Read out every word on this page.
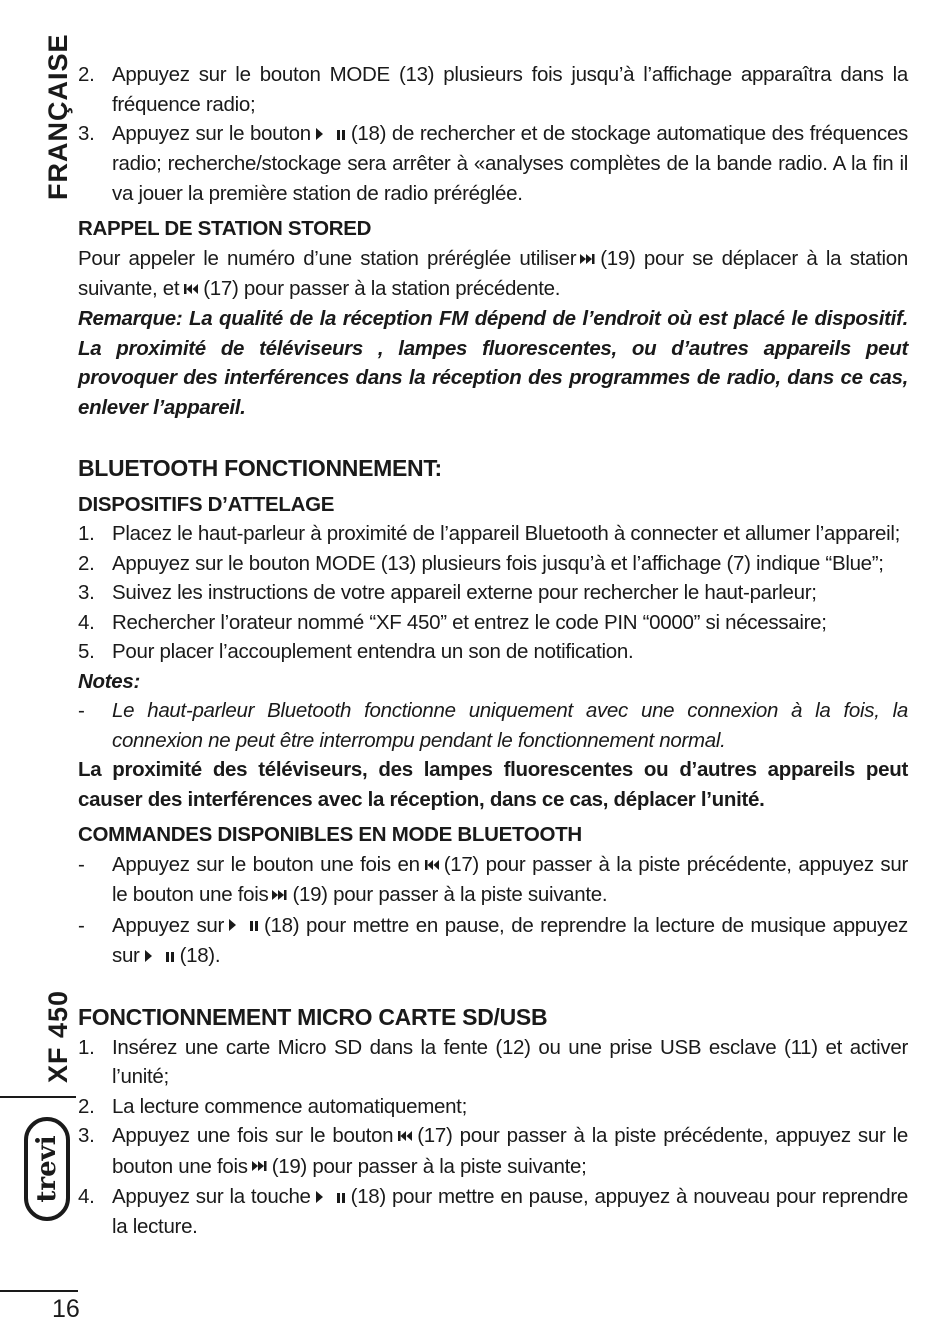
FRANÇAISE
XF 450
trevi
16
2. Appuyez sur le bouton MODE (13) plusieurs fois jusqu’à l’affichage apparaîtra dans la fréquence radio;
3. Appuyez sur le bouton (18) de rechercher et de stockage automatique des fréquences radio; recherche/stockage sera arrêter à «analyses complètes de la bande radio. A la fin il va jouer la première station de radio préréglée.

RAPPEL DE STATION STORED

Pour appeler le numéro d’une station préréglée utiliser (19) pour se déplacer à la station suivante, et (17) pour passer à la station précédente.

Remarque: La qualité de la réception FM dépend de l’endroit où est placé le dispositif. La proximité de téléviseurs , lampes fluorescentes, ou d’autres appareils peut provoquer des interférences dans la réception des programmes de radio, dans ce cas, enlever l’appareil.

BLUETOOTH FONCTIONNEMENT:

DISPOSITIFS D’ATTELAGE

1. Placez le haut-parleur à proximité de l’appareil Bluetooth à connecter et allumer l’appareil;
2. Appuyez sur le bouton MODE (13) plusieurs fois jusqu’à et l’affichage (7) indique “Blue”;
3. Suivez les instructions de votre appareil externe pour rechercher le haut-parleur;
4. Rechercher l’orateur nommé “XF 450” et entrez le code PIN “0000” si nécessaire;
5. Pour placer l’accouplement entendra un son de notification.

Notes:

-	Le haut-parleur Bluetooth fonctionne uniquement avec une connexion à la fois, la connexion ne peut être interrompu pendant le fonctionnement normal.

La proximité des téléviseurs, des lampes fluorescentes ou d’autres appareils peut causer des interférences avec la réception, dans ce cas, déplacer l’unité.

COMMANDES DISPONIBLES EN MODE BLUETOOTH

-	Appuyez sur le bouton une fois en (17) pour passer à la piste précédente, appuyez sur le bouton une fois (19) pour passer à la piste suivante.
-	Appuyez sur (18) pour mettre en pause, de reprendre la lecture de musique appuyez sur (18).

FONCTIONNEMENT MICRO CARTE SD/USB

1. Insérez une carte Micro SD dans la fente (12) ou une prise USB esclave (11) et activer l’unité;
2. La lecture commence automatiquement;
3. Appuyez une fois sur le bouton (17) pour passer à la piste précédente, appuyez sur le bouton une fois (19) pour passer à la piste suivante;
4. Appuyez sur la touche (18) pour mettre en pause, appuyez à nouveau pour reprendre la lecture.
